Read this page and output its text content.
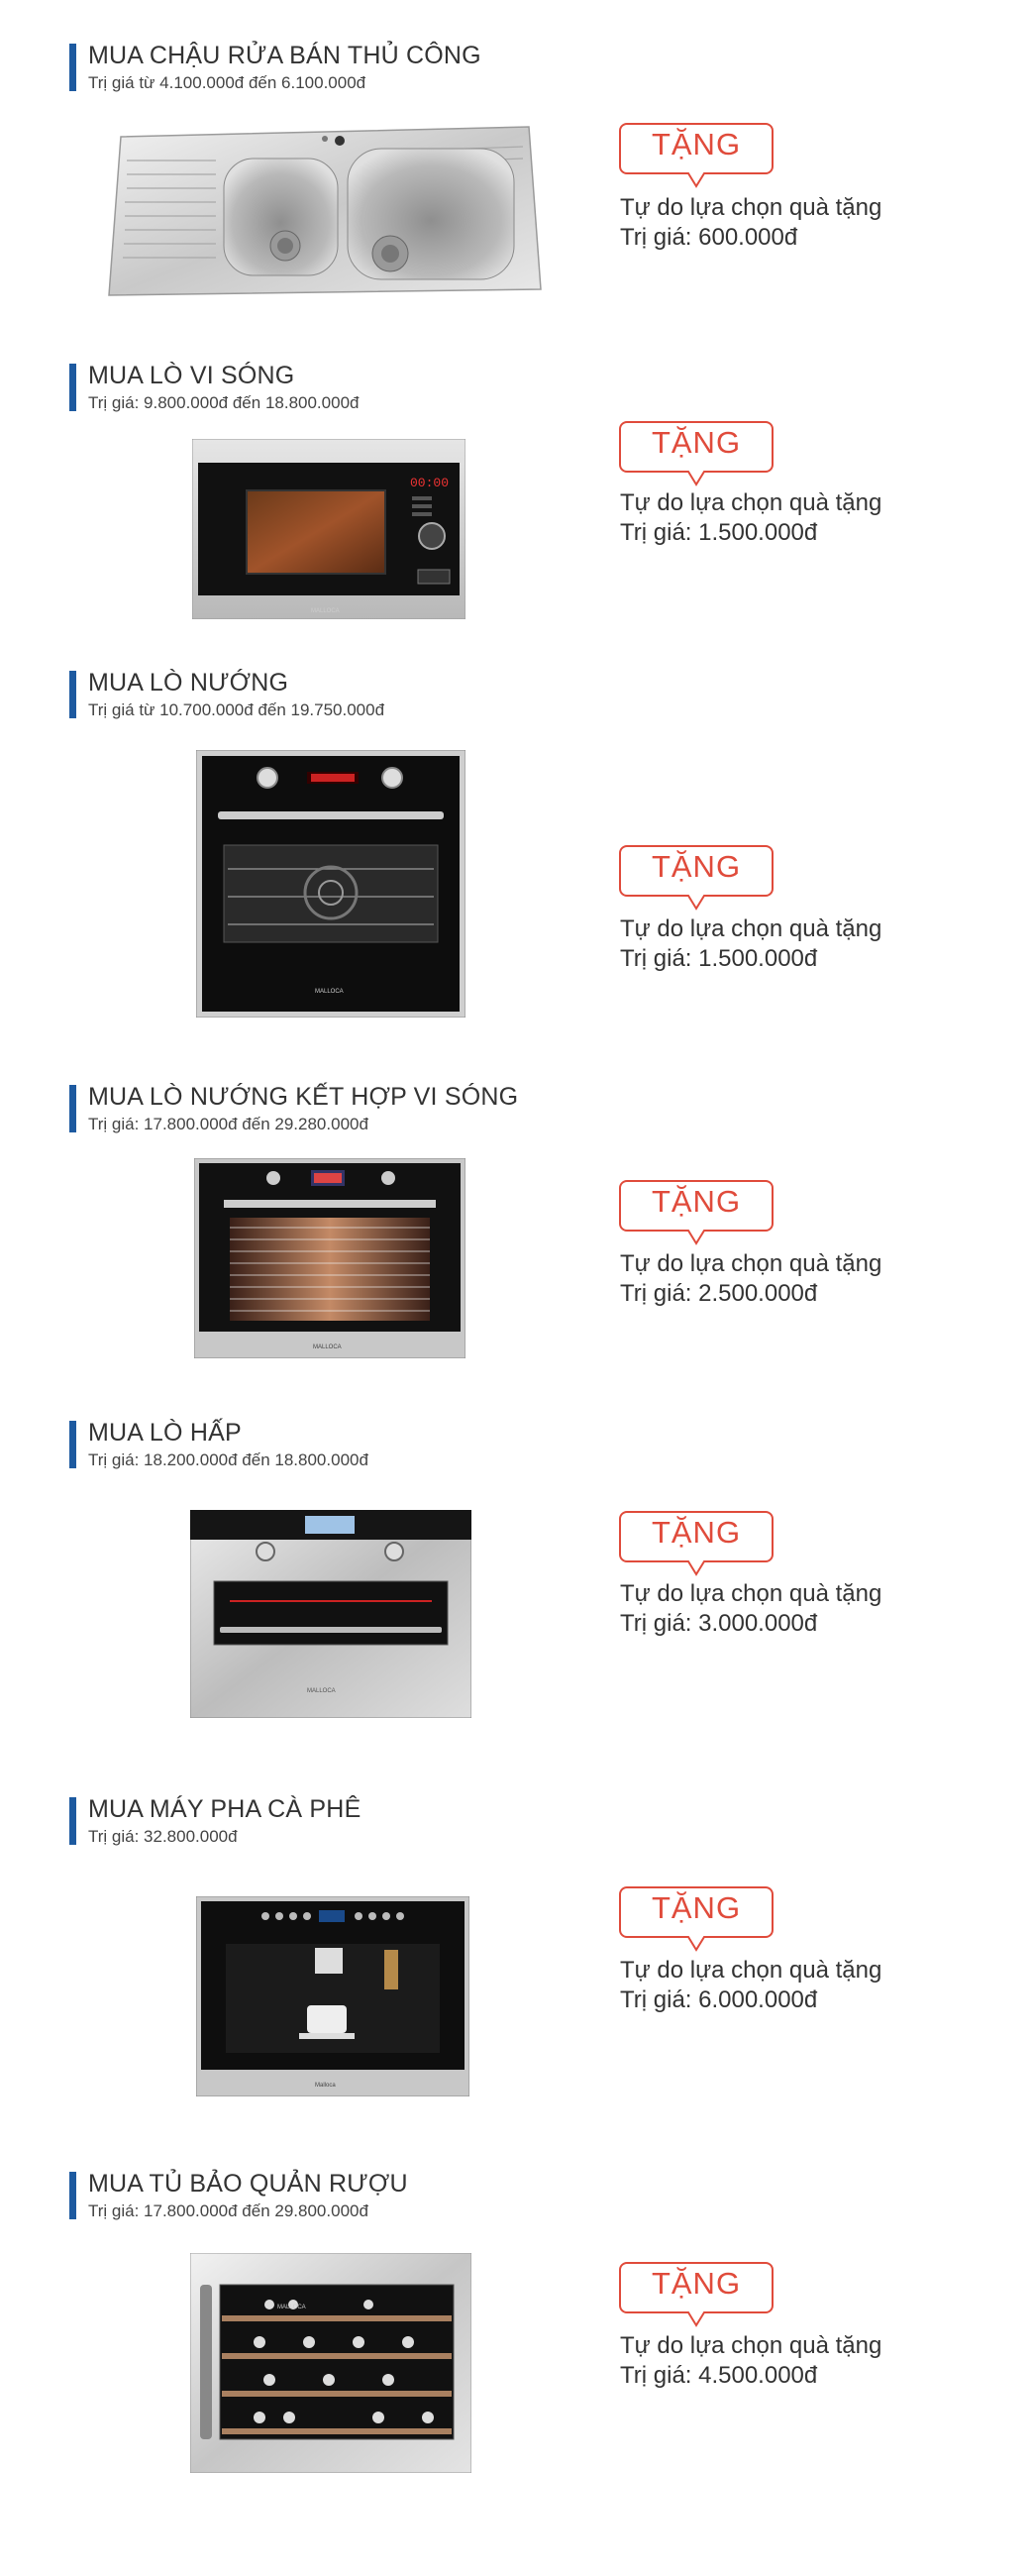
MUA CHẬU RỬA BÁN THỦ CÔNG
Trị giá từ 4.100.000đ đến 6.100.000đ
TẶNG
Tự do lựa chọn quà tặng
Trị giá: 600.000đ
MUA LÒ VI SÓNG
Trị giá: 9.800.000đ đến 18.800.000đ
00:00
MALLOCA
TẶNG
Tự do lựa chọn quà tặng
Trị giá: 1.500.000đ
MUA LÒ NƯỚNG
Trị giá từ 10.700.000đ đến 19.750.000đ
MALLOCA
TẶNG
Tự do lựa chọn quà tặng
Trị giá: 1.500.000đ
MUA LÒ NƯỚNG KẾT HỢP VI SÓNG
Trị giá: 17.800.000đ đến 29.280.000đ
MALLOCA
TẶNG
Tự do lựa chọn quà tặng
Trị giá: 2.500.000đ
MUA LÒ HẤP
Trị giá: 18.200.000đ đến 18.800.000đ
MALLOCA
TẶNG
Tự do lựa chọn quà tặng
Trị giá: 3.000.000đ
MUA MÁY PHA CÀ PHÊ
Trị giá: 32.800.000đ
Malloca
TẶNG
Tự do lựa chọn quà tặng
Trị giá: 6.000.000đ
MUA TỦ BẢO QUẢN RƯỢU
Trị giá: 17.800.000đ đến 29.800.000đ
MALLOCA
TẶNG
Tự do lựa chọn quà tặng
Trị giá: 4.500.000đ
